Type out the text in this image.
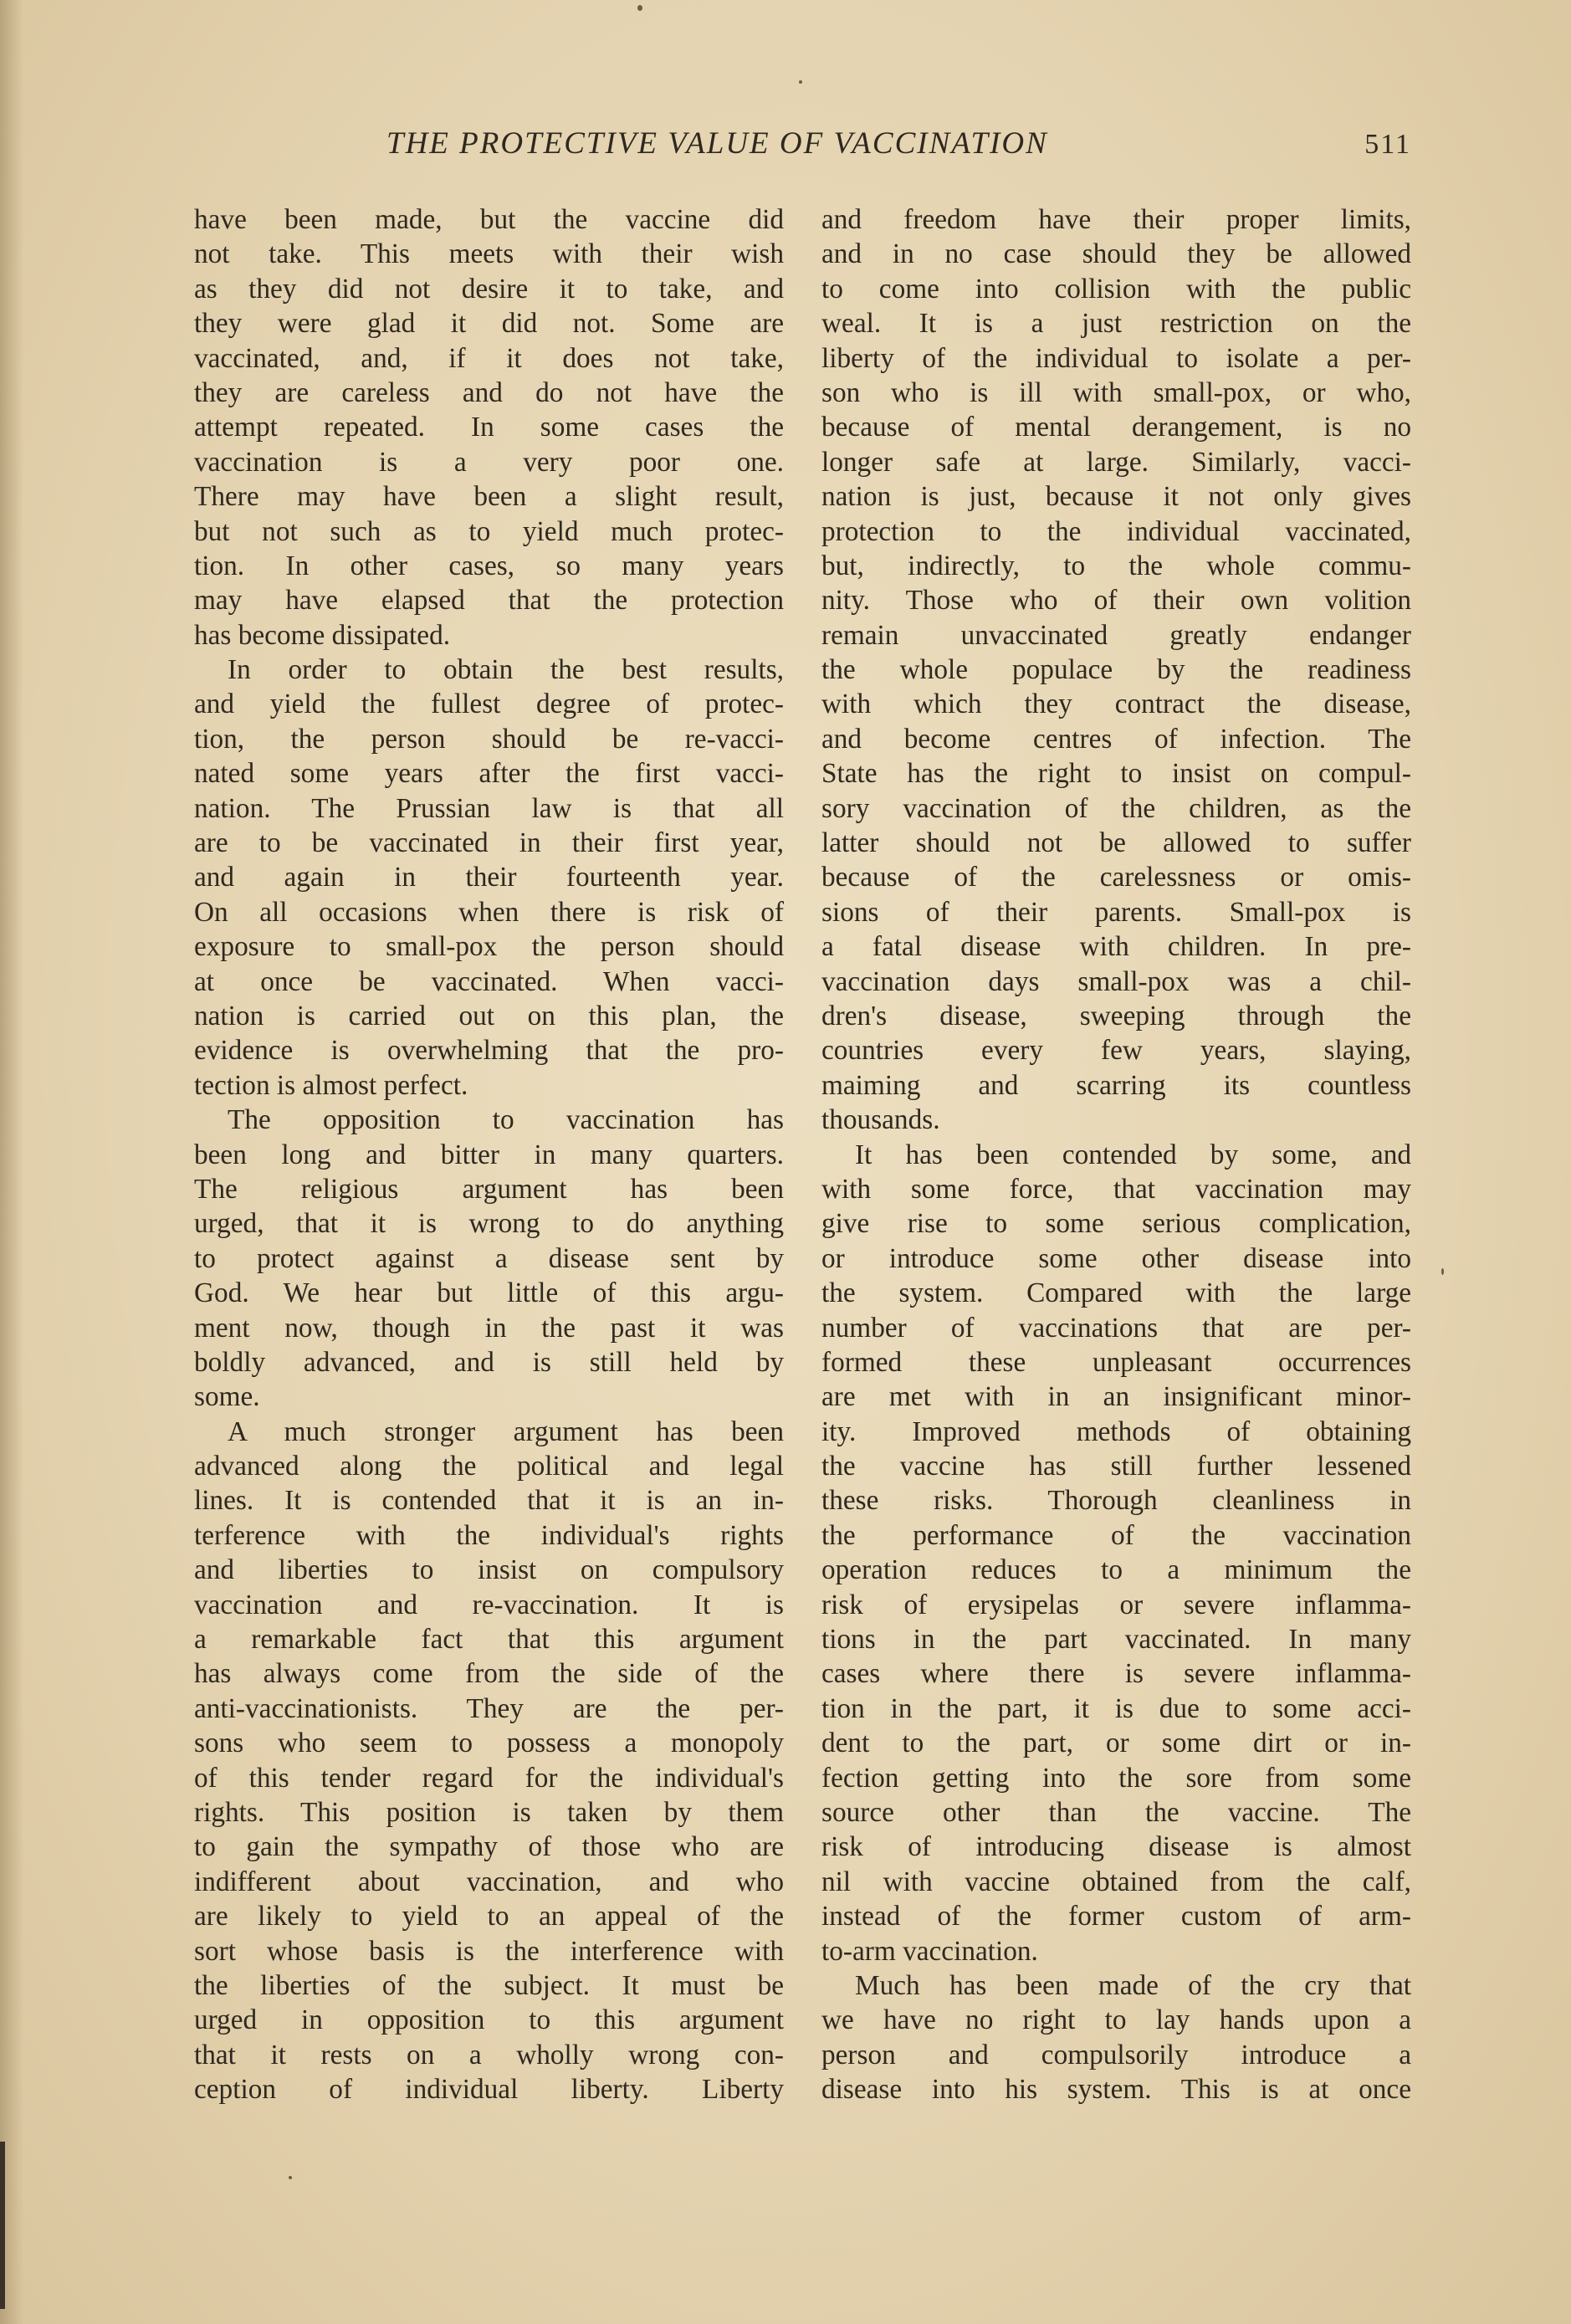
THE PROTECTIVE VALUE OF VACCINATION	511
have been made, but the vaccine did
not take. This meets with their wish
as they did not desire it to take, and
they were glad it did not. Some are
vaccinated, and, if it does not take,
they are careless and do not have the
attempt repeated. In some cases the
vaccination is a very poor one.
There may have been a slight result,
but not such as to yield much protec-
tion. In other cases, so many years
may have elapsed that the protection
has become dissipated.
In order to obtain the best results,
and yield the fullest degree of protec-
tion, the person should be re-vacci-
nated some years after the first vacci-
nation. The Prussian law is that all
are to be vaccinated in their first year,
and again in their fourteenth year.
On all occasions when there is risk of
exposure to small-pox the person should
at once be vaccinated. When vacci-
nation is carried out on this plan, the
evidence is overwhelming that the pro-
tection is almost perfect.
The opposition to vaccination has
been long and bitter in many quarters.
The religious argument has been
urged, that it is wrong to do anything
to protect against a disease sent by
God. We hear but little of this argu-
ment now, though in the past it was
boldly advanced, and is still held by
some.
A much stronger argument has been
advanced along the political and legal
lines. It is contended that it is an in-
terference with the individual's rights
and liberties to insist on compulsory
vaccination and re-vaccination. It is
a remarkable fact that this argument
has always come from the side of the
anti-vaccinationists. They are the per-
sons who seem to possess a monopoly
of this tender regard for the individual's
rights. This position is taken by them
to gain the sympathy of those who are
indifferent about vaccination, and who
are likely to yield to an appeal of the
sort whose basis is the interference with
the liberties of the subject. It must be
urged in opposition to this argument
that it rests on a wholly wrong con-
ception of individual liberty. Liberty
and freedom have their proper limits,
and in no case should they be allowed
to come into collision with the public
weal. It is a just restriction on the
liberty of the individual to isolate a per-
son who is ill with small-pox, or who,
because of mental derangement, is no
longer safe at large. Similarly, vacci-
nation is just, because it not only gives
protection to the individual vaccinated,
but, indirectly, to the whole commu-
nity. Those who of their own volition
remain unvaccinated greatly endanger
the whole populace by the readiness
with which they contract the disease,
and become centres of infection. The
State has the right to insist on compul-
sory vaccination of the children, as the
latter should not be allowed to suffer
because of the carelessness or omis-
sions of their parents. Small-pox is
a fatal disease with children. In pre-
vaccination days small-pox was a chil-
dren's disease, sweeping through the
countries every few years, slaying,
maiming and scarring its countless
thousands.
It has been contended by some, and
with some force, that vaccination may
give rise to some serious complication,
or introduce some other disease into
the system. Compared with the large
number of vaccinations that are per-
formed these unpleasant occurrences
are met with in an insignificant minor-
ity. Improved methods of obtaining
the vaccine has still further lessened
these risks. Thorough cleanliness in
the performance of the vaccination
operation reduces to a minimum the
risk of erysipelas or severe inflamma-
tions in the part vaccinated. In many
cases where there is severe inflamma-
tion in the part, it is due to some acci-
dent to the part, or some dirt or in-
fection getting into the sore from some
source other than the vaccine. The
risk of introducing disease is almost
nil with vaccine obtained from the calf,
instead of the former custom of arm-
to-arm vaccination.
Much has been made of the cry that
we have no right to lay hands upon a
person and compulsorily introduce a
disease into his system. This is at once
